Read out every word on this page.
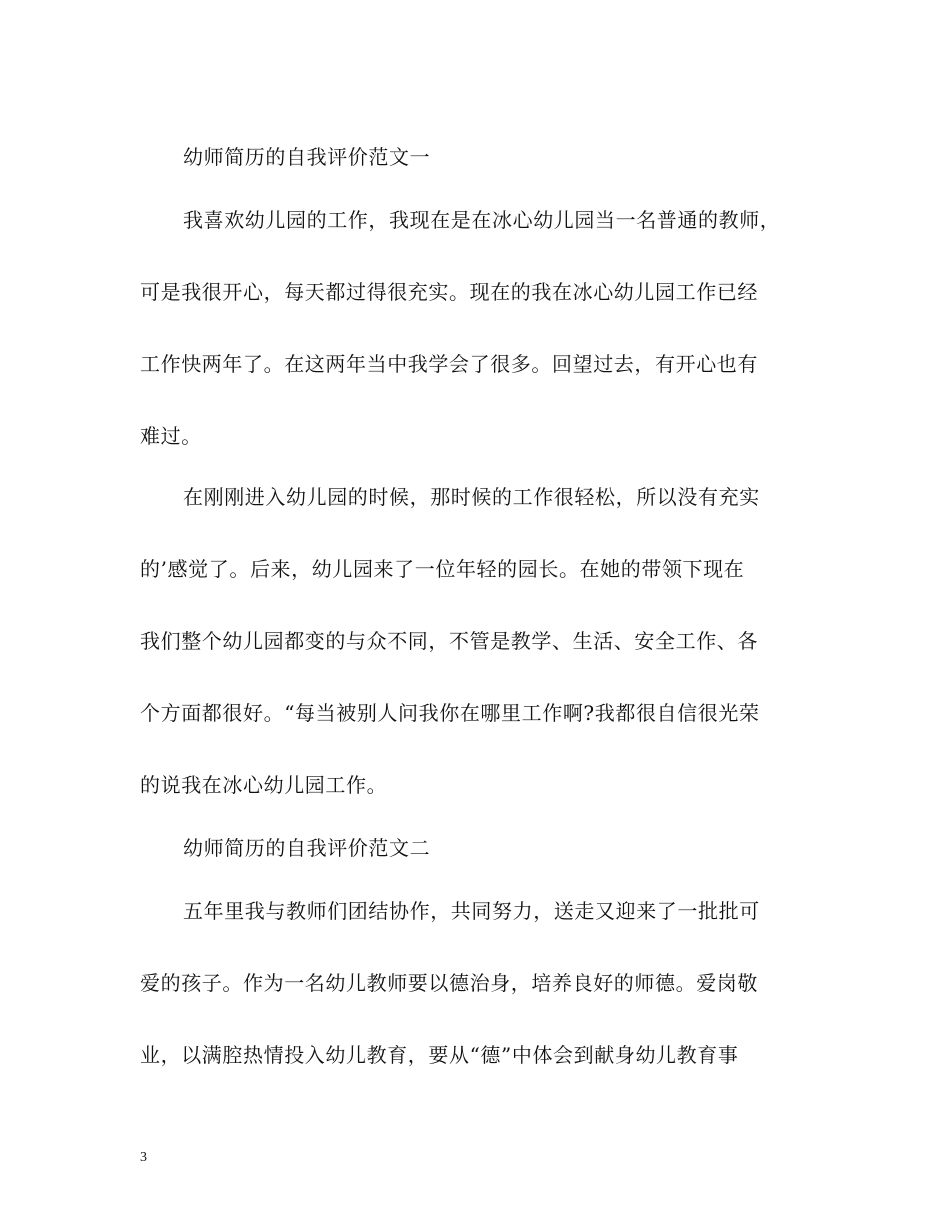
幼师简历的自我评价范文一
我喜欢幼儿园的工作，我现在是在冰心幼儿园当一名普通的教师，
可是我很开心，每天都过得很充实。现在的我在冰心幼儿园工作已经
工作快两年了。在这两年当中我学会了很多。回望过去，有开心也有
难过。
在刚刚进入幼儿园的时候，那时候的工作很轻松，所以没有充实
的’感觉了。后来，幼儿园来了一位年轻的园长。在她的带领下现在
我们整个幼儿园都变的与众不同，不管是教学、生活、安全工作、各
个方面都很好。“每当被别人问我你在哪里工作啊?我都很自信很光荣
的说我在冰心幼儿园工作。
幼师简历的自我评价范文二
五年里我与教师们团结协作，共同努力，送走又迎来了一批批可
爱的孩子。作为一名幼儿教师要以德治身，培养良好的师德。爱岗敬
业，以满腔热情投入幼儿教育，要从“德”中体会到献身幼儿教育事
3
